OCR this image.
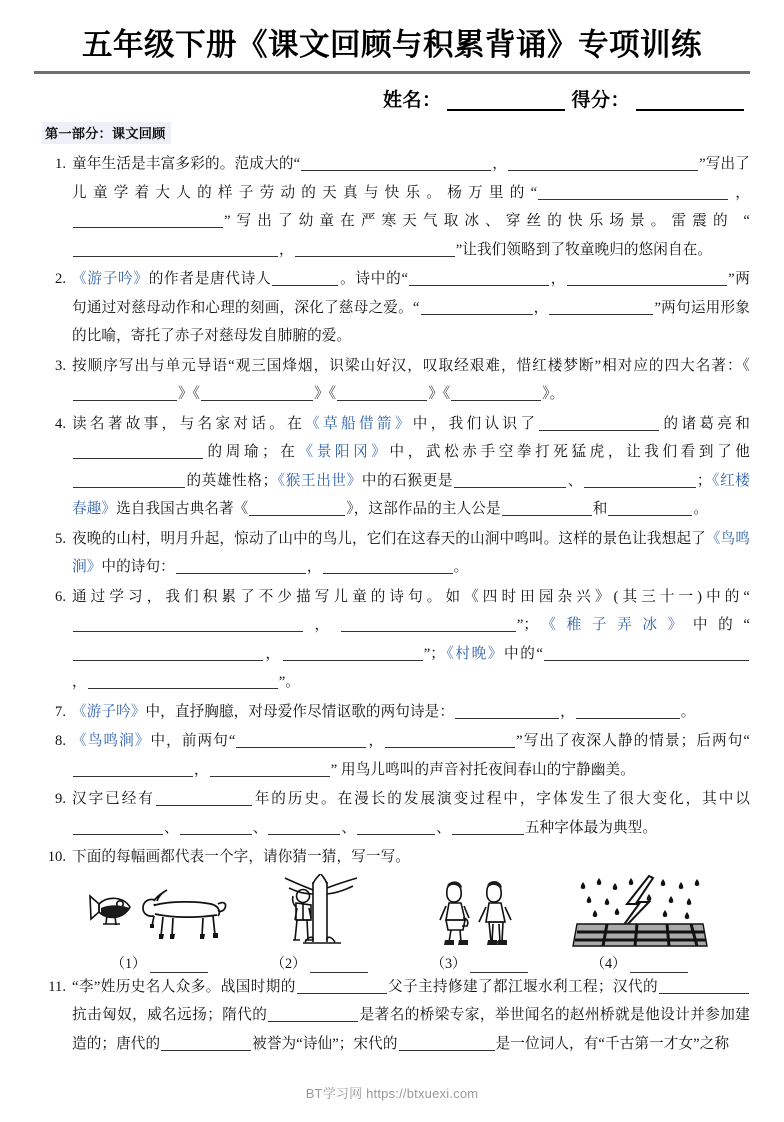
五年级下册《课文回顾与积累背诵》专项训练
姓名：	得分：
第一部分：课文回顾
1. 童年生活是丰富多彩的。范成大的“	，	”写出了儿童学着大人的样子劳动的天真与快乐。杨万里的“	，”写出了幼童在严寒天气取冰、穿丝的快乐场景。雷震的 “，	”让我们领略到了牧童晚归的悠闲自在。
2. 《游子吟》的作者是唐代诗人	。诗中的“	，	”两句通过对慈母动作和心理的刻画，深化了慈母之爱。“	，	”两句运用形象的比喻，寄托了赤子对慈母发自肺腑的爱。
3. 按顺序写出与单元导语“观三国烽烟，识梁山好汉，叹取经艰难，惜红楼梦断”相对应的四大名著：《》《	》《	》《	》。
4. 读名著故事，与名家对话。在《草船借箭》中，我们认识了	的诸葛亮和的周瑜；在《景阳冈》中，武松赤手空拳打死猛虎，让我们看到了他的英雄性格；《猴王出世》中的石猴更是	、	；《红楼春趣》选自我国古典名著《	》，这部作品的主人公是	和	。
5. 夜晚的山村，明月升起，惊动了山中的鸟儿，它们在这春天的山涧中鸣叫。这样的景色让我想起了《鸟鸣涧》中的诗句：	，	。
6. 通过学习，我们积累了不少描写儿童的诗句。如《四时田园杂兴》(其三十一)中的“，	”；《稚子弄冰》中的“，	”；《村晚》中的“，	”。
7. 《游子吟》中，直抒胸臆，对母爱作尽情讴歌的两句诗是：	，	。
8. 《鸟鸣涧》中，前两句“	，	”写出了夜深人静的情景；后两句“，	” 用鸟儿鸣叫的声音衬托夜间春山的宁静幽美。
9. 汉字已经有	年的历史。在漫长的发展演变过程中，字体发生了很大变化，其中以、	、	、	、	五种字体最为典型。
10. 下面的每幅画都代表一个字，请你猜一猜，写一写。
（1）	（2）	（3）	（4）
11. “李”姓历史名人众多。战国时期的	父子主持修建了都江堰水利工程；汉代的抗击匈奴，威名远扬；隋代的	是著名的桥梁专家，举世闻名的赵州桥就是他设计并参加建造的；唐代的	被誉为“诗仙”；宋代的	是一位词人，有“千古第一才女”之称
BT学习网 https://btxuexi.com
